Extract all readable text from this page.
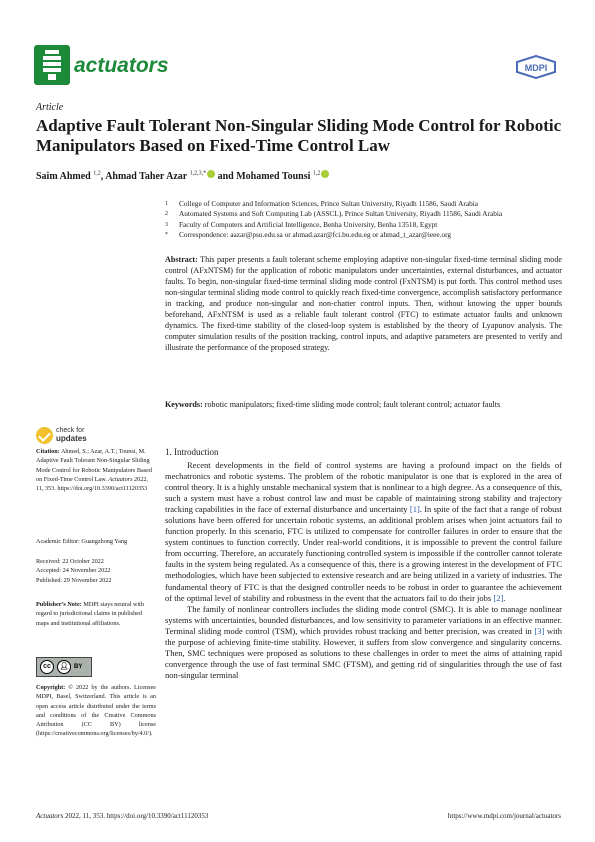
actuators	MDPI
Article
Adaptive Fault Tolerant Non-Singular Sliding Mode Control for Robotic Manipulators Based on Fixed-Time Control Law
Saim Ahmed $^{1,2}$, Ahmad Taher Azar $^{1,2,3,*}$ and Mohamed Tounsi $^{1,2}$
1	College of Computer and Information Sciences, Prince Sultan University, Riyadh 11586, Saudi Arabia
2	Automated Systems and Soft Computing Lab (ASSCL), Prince Sultan University, Riyadh 11586, Saudi Arabia
3	Faculty of Computers and Artificial Intelligence, Benha University, Benha 13518, Egypt
*	Correspondence: aazar@psu.edu.sa or ahmad.azar@fci.bu.edu.eg or ahmad_t_azar@ieee.org
Abstract: This paper presents a fault tolerant scheme employing adaptive non-singular fixed-time terminal sliding mode control (AFxNTSM) for the application of robotic manipulators under uncertainties, external disturbances, and actuator faults. To begin, non-singular fixed-time terminal sliding mode control (FxNTSM) is put forth. This control method uses non-singular terminal sliding mode control to quickly reach fixed-time convergence, accomplish satisfactory performance in tracking, and produce non-singular and non-chatter control inputs. Then, without knowing the upper bounds beforehand, AFxNTSM is used as a reliable fault tolerant control (FTC) to estimate actuator faults and unknown dynamics. The fixed-time stability of the closed-loop system is established by the theory of Lyapunov analysis. The computer simulation results of the position tracking, control inputs, and adaptive parameters are presented to verify and illustrate the performance of the proposed strategy.
Keywords: robotic manipulators; fixed-time sliding mode control; fault tolerant control; actuator faults
check for
updates
Citation: Ahmed, S.; Azar, A.T.; Tounsi, M. Adaptive Fault Tolerant Non-Singular Sliding Mode Control for Robotic Manipulators Based on Fixed-Time Control Law. Actuators 2022, 11, 353. https://doi.org/10.3390/act11120353
Academic Editor: Guangzhong Yang
Received: 22 October 2022
Accepted: 24 November 2022
Published: 29 November 2022
Publisher’s Note: MDPI stays neutral with regard to jurisdictional claims in published maps and institutional affiliations.
cc	👤︎ BY
Copyright: © 2022 by the authors. Licensee MDPI, Basel, Switzerland. This article is an open access article distributed under the terms and conditions of the Creative Commons Attribution (CC BY) license (https://creativecommons.org/licenses/by/4.0/).
1. Introduction

Recent developments in the field of control systems are having a profound impact on the fields of mechatronics and robotic systems. The problem of the robotic manipulator is one that is explored in the area of control theory. It is a highly unstable mechanical system that is nonlinear to a high degree. As a consequence of this, such a system must have a robust control law and must be capable of maintaining strong stability and trajectory tracking capabilities in the face of external disturbance and uncertainty [1]. In spite of the fact that a range of robust solutions have been offered for uncertain robotic systems, an additional problem arises when joint actuators fail to function properly. In this scenario, FTC is utilized to compensate for controller failures in order to ensure that the system continues to function correctly. Under real-world conditions, it is impossible to prevent the control failure from occurring. Therefore, an accurately functioning controlled system is impossible if the controller cannot tolerate faults in the system being regulated. As a consequence of this, there is a growing interest in the development of FTC methodologies, which have been subjected to extensive research and are being utilized in a variety of industries. The fundamental theory of FTC is that the designed controller needs to be robust in order to guarantee the achievement of the optimal level of stability and robustness in the event that the actuators fail to do their jobs [2].

The family of nonlinear controllers includes the sliding mode control (SMC). It is able to manage nonlinear systems with uncertainties, bounded disturbances, and low sensitivity to parameter variations in an effective manner. Terminal sliding mode control (TSM), which provides robust tracking and better precision, was created in [3] with the purpose of achieving finite-time stability. However, it suffers from slow convergence and singularity concerns. Then, SMC techniques were proposed as solutions to these challenges in order to meet the aims of attaining rapid convergence through the use of fast terminal SMC (FTSM), and getting rid of singularities through the use of fast non-singular terminal

Actuators 2022, 11, 353. https://doi.org/10.3390/act11120353	https://www.mdpi.com/journal/actuators
